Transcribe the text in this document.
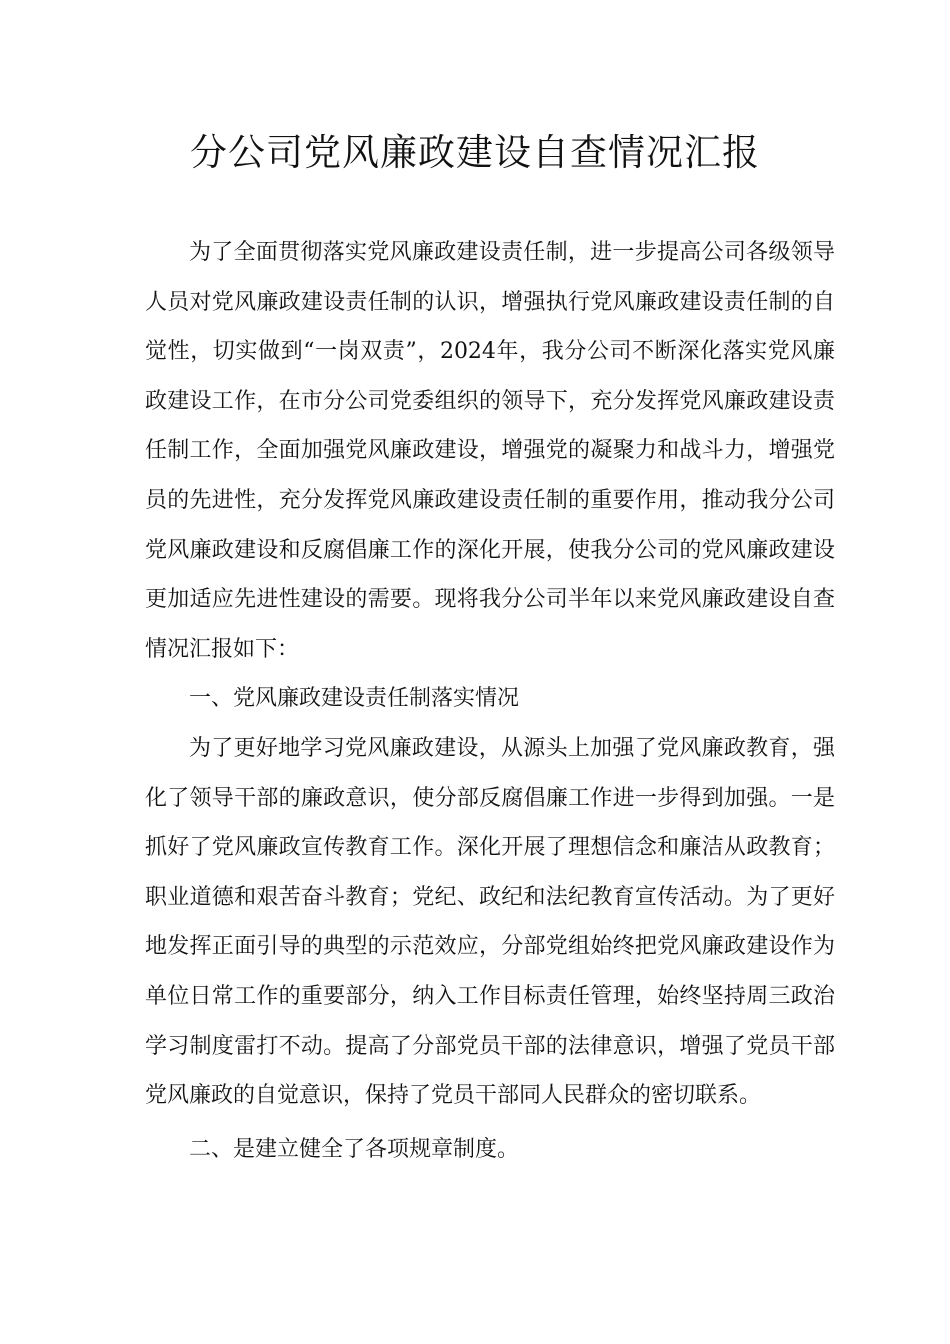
分公司党风廉政建设自查情况汇报

为了全面贯彻落实党风廉政建设责任制，进一步提高公司各级领导人员对党风廉政建设责任制的认识，增强执行党风廉政建设责任制的自觉性，切实做到“一岗双责”，2024年，我分公司不断深化落实党风廉政建设工作，在市分公司党委组织的领导下，充分发挥党风廉政建设责任制工作，全面加强党风廉政建设，增强党的凝聚力和战斗力，增强党员的先进性，充分发挥党风廉政建设责任制的重要作用，推动我分公司党风廉政建设和反腐倡廉工作的深化开展，使我分公司的党风廉政建设更加适应先进性建设的需要。现将我分公司半年以来党风廉政建设自查情况汇报如下：

一、党风廉政建设责任制落实情况

为了更好地学习党风廉政建设，从源头上加强了党风廉政教育，强化了领导干部的廉政意识，使分部反腐倡廉工作进一步得到加强。一是抓好了党风廉政宣传教育工作。深化开展了理想信念和廉洁从政教育；职业道德和艰苦奋斗教育；党纪、政纪和法纪教育宣传活动。为了更好地发挥正面引导的典型的示范效应，分部党组始终把党风廉政建设作为单位日常工作的重要部分，纳入工作目标责任管理，始终坚持周三政治学习制度雷打不动。提高了分部党员干部的法律意识，增强了党员干部党风廉政的自觉意识，保持了党员干部同人民群众的密切联系。

二、是建立健全了各项规章制度。
